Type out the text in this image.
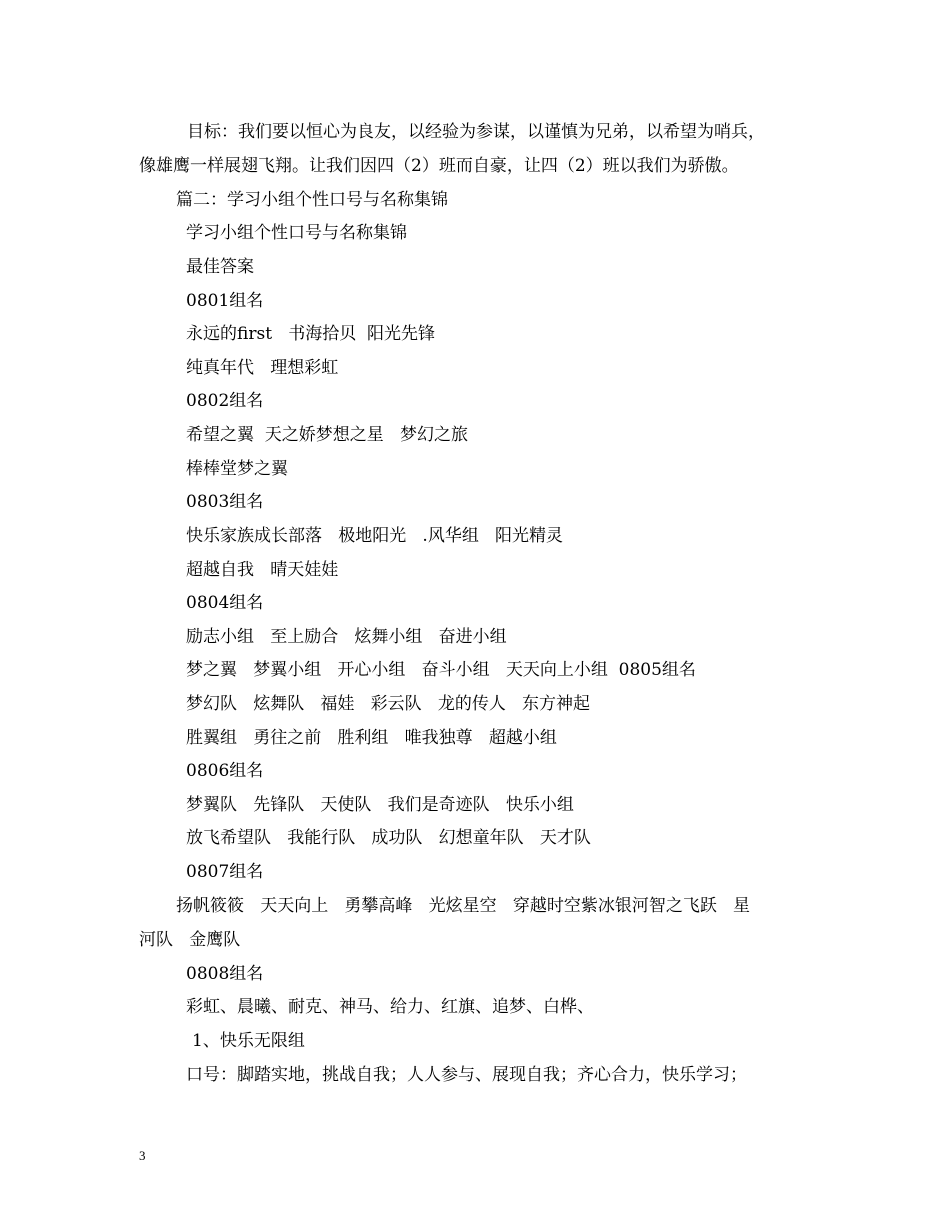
目标：我们要以恒心为良友，以经验为参谋，以谨慎为兄弟，以希望为哨兵，
像雄鹰一样展翅飞翔。让我们因四（2）班而自豪，让四（2）班以我们为骄傲。
篇二：学习小组个性口号与名称集锦
学习小组个性口号与名称集锦
最佳答案
0801组名
永远的first   书海拾贝  阳光先锋
纯真年代   理想彩虹
0802组名
希望之翼  天之娇梦想之星   梦幻之旅
棒棒堂梦之翼
0803组名
快乐家族成长部落   极地阳光   .风华组   阳光精灵
超越自我   晴天娃娃
0804组名
励志小组   至上励合   炫舞小组   奋进小组
梦之翼   梦翼小组   开心小组   奋斗小组   天天向上小组  0805组名
梦幻队   炫舞队   福娃   彩云队   龙的传人   东方神起
胜翼组   勇往之前   胜利组   唯我独尊   超越小组
0806组名
梦翼队   先锋队   天使队   我们是奇迹队   快乐小组
放飞希望队   我能行队   成功队   幻想童年队   天才队
0807组名
扬帆筱筱   天天向上   勇攀高峰   光炫星空   穿越时空紫冰银河智之飞跃   星
河队   金鹰队
0808组名
彩虹、晨曦、耐克、神马、给力、红旗、追梦、白桦、
1、快乐无限组
口号：脚踏实地，挑战自我；人人参与、展现自我；齐心合力，快乐学习；
3
